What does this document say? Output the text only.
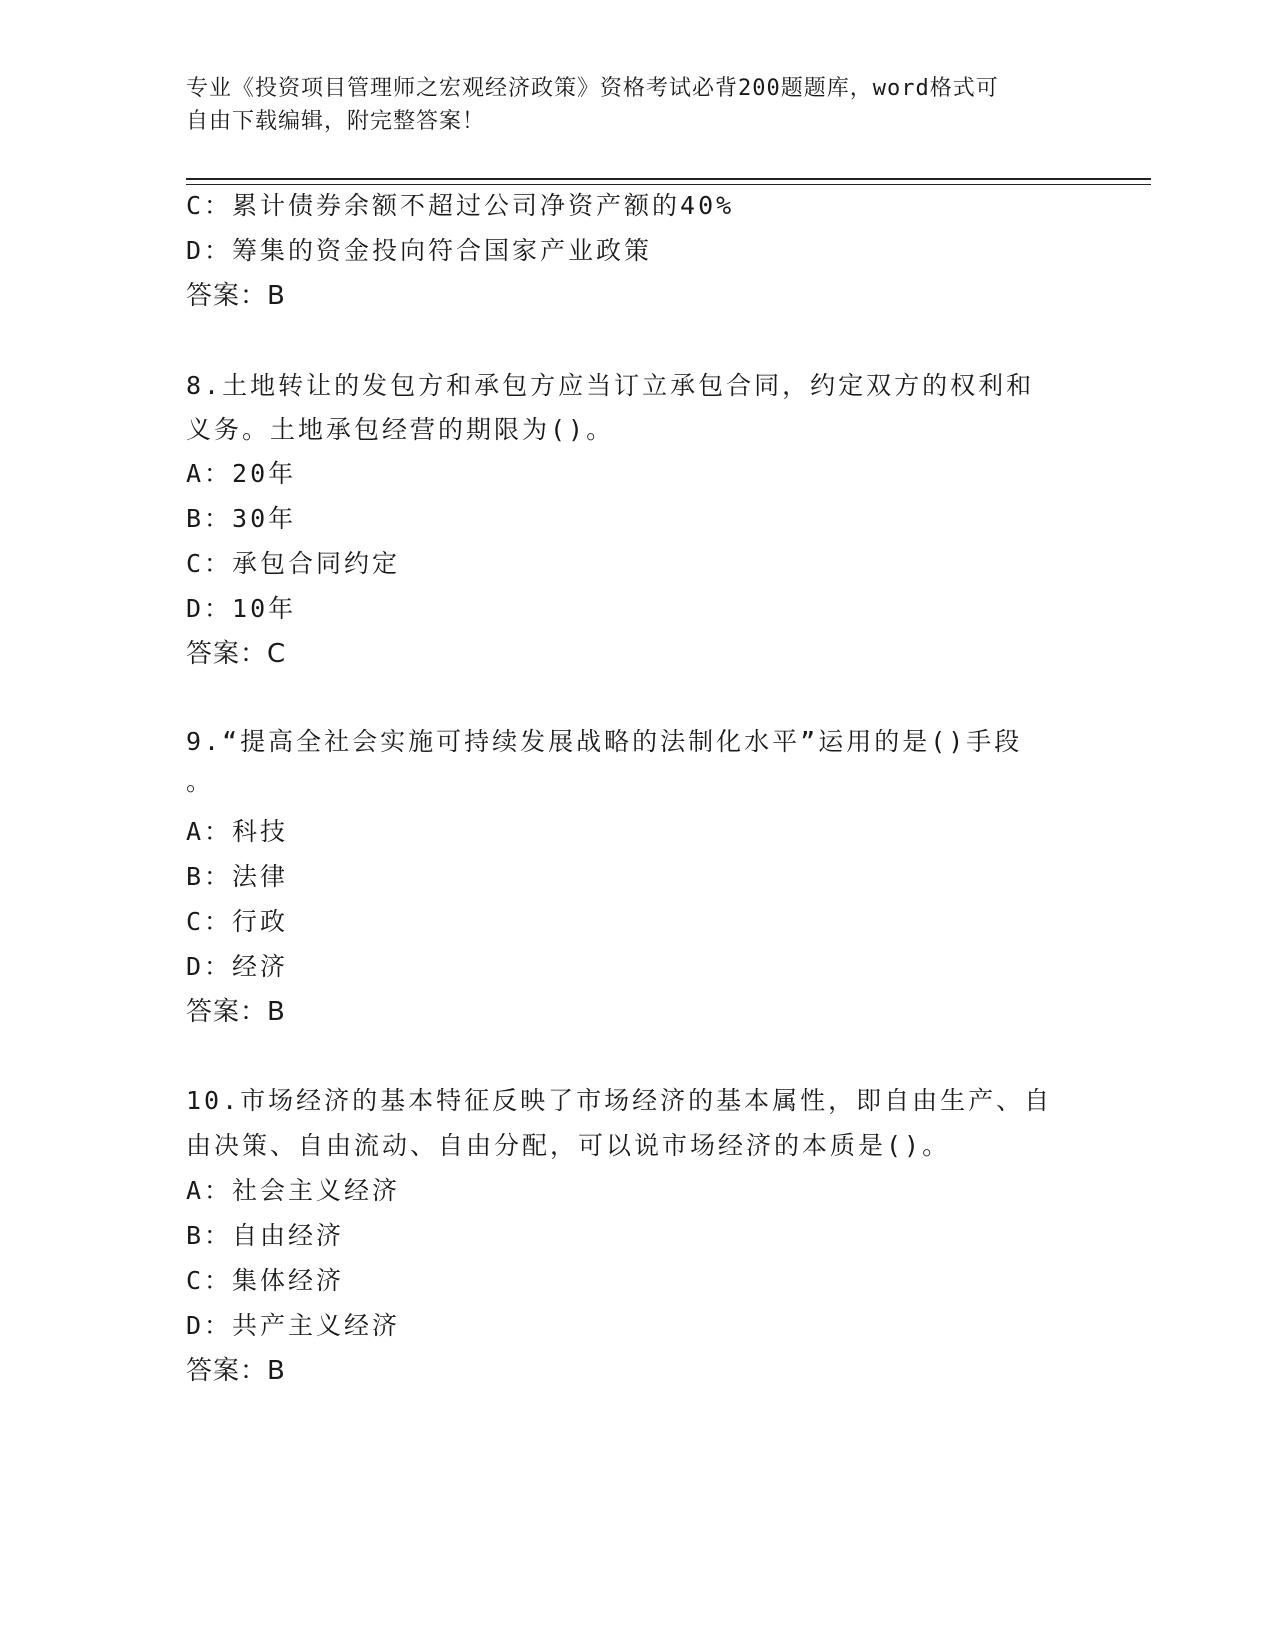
专业《投资项目管理师之宏观经济政策》资格考试必背200题题库，word格式可
自由下载编辑，附完整答案！
C：累计债券余额不超过公司净资产额的40%
D：筹集的资金投向符合国家产业政策
答案：B
8.土地转让的发包方和承包方应当订立承包合同，约定双方的权利和
义务。土地承包经营的期限为()。
A：20年
B：30年
C：承包合同约定
D：10年
答案：C
9.“提高全社会实施可持续发展战略的法制化水平”运用的是()手段
。
A：科技
B：法律
C：行政
D：经济
答案：B
10.市场经济的基本特征反映了市场经济的基本属性，即自由生产、自
由决策、自由流动、自由分配，可以说市场经济的本质是()。
A：社会主义经济
B：自由经济
C：集体经济
D：共产主义经济
答案：B
